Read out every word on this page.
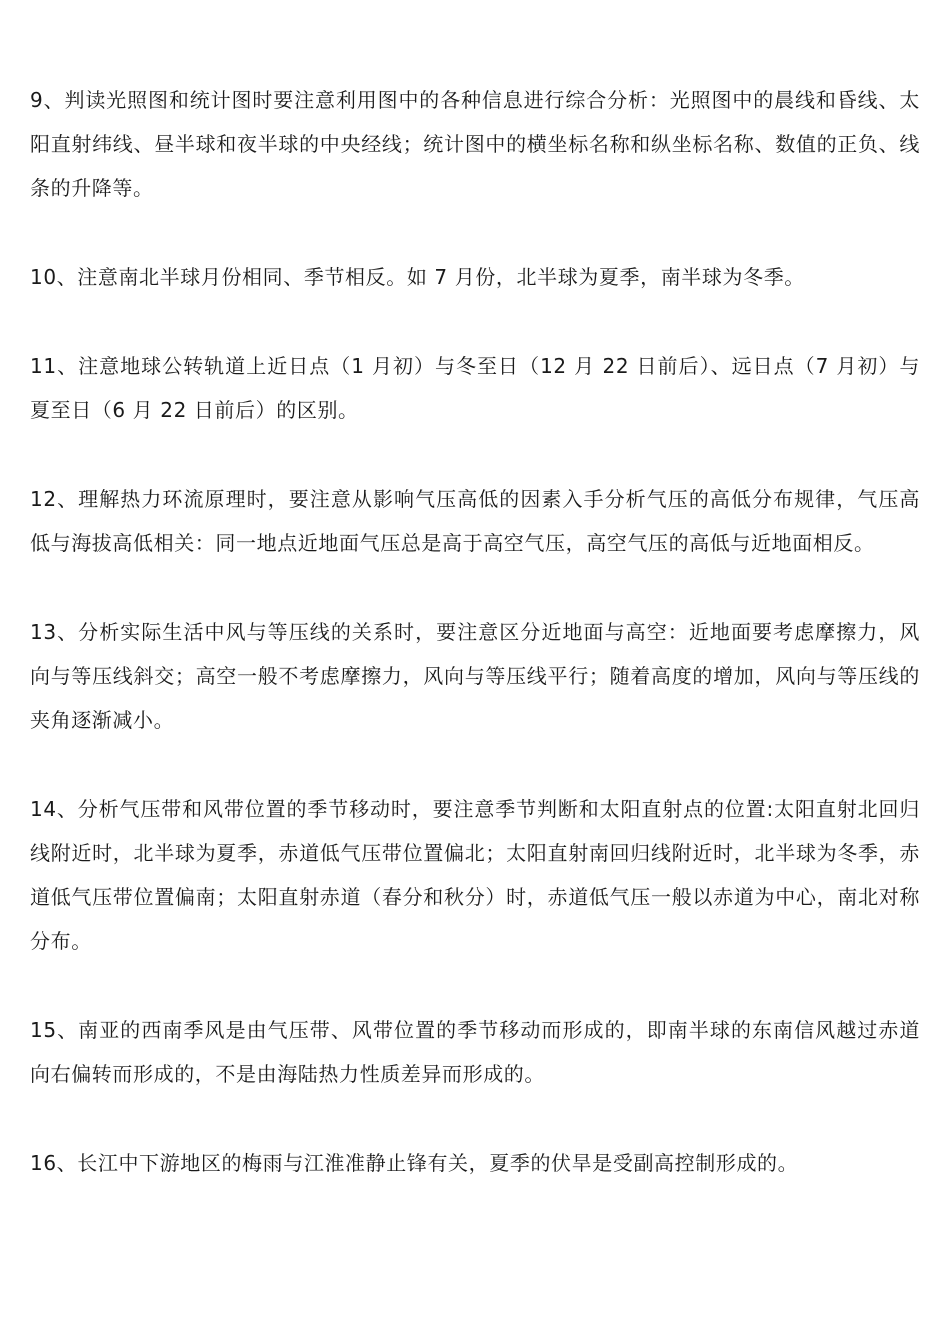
9、判读光照图和统计图时要注意利用图中的各种信息进行综合分析：光照图中的晨线和昏线、太阳直射纬线、昼半球和夜半球的中央经线；统计图中的横坐标名称和纵坐标名称、数值的正负、线条的升降等。

10、注意南北半球月份相同、季节相反。如 7 月份，北半球为夏季，南半球为冬季。

11、注意地球公转轨道上近日点（1 月初）与冬至日（12 月 22 日前后）、远日点（7 月初）与夏至日（6 月 22 日前后）的区别。

12、理解热力环流原理时，要注意从影响气压高低的因素入手分析气压的高低分布规律，气压高低与海拔高低相关：同一地点近地面气压总是高于高空气压，高空气压的高低与近地面相反。

13、分析实际生活中风与等压线的关系时，要注意区分近地面与高空：近地面要考虑摩擦力，风向与等压线斜交；高空一般不考虑摩擦力，风向与等压线平行；随着高度的增加，风向与等压线的夹角逐渐减小。

14、分析气压带和风带位置的季节移动时，要注意季节判断和太阳直射点的位置:太阳直射北回归线附近时，北半球为夏季，赤道低气压带位置偏北；太阳直射南回归线附近时，北半球为冬季，赤道低气压带位置偏南；太阳直射赤道（春分和秋分）时，赤道低气压一般以赤道为中心，南北对称分布。

15、南亚的西南季风是由气压带、风带位置的季节移动而形成的，即南半球的东南信风越过赤道向右偏转而形成的，不是由海陆热力性质差异而形成的。

16、长江中下游地区的梅雨与江淮准静止锋有关，夏季的伏旱是受副高控制形成的。
